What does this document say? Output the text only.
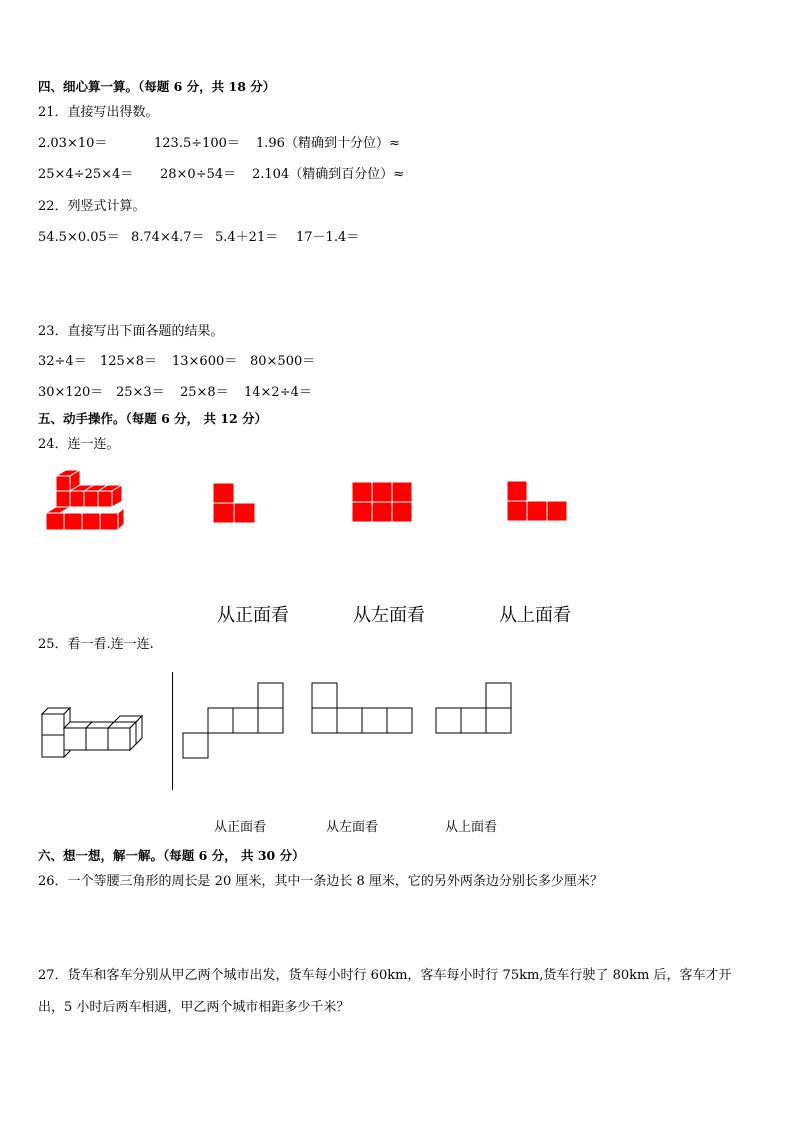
四、细心算一算。（每题 6 分，共 18 分）
21．直接写出得数。
2.03×10＝	123.5÷100＝ 1.96（精确到十分位）≈
25×4÷25×4＝ 28×0÷54＝ 2.104（精确到百分位）≈
22．列竖式计算。
54.5×0.05＝ 8.74×4.7＝ 5.4＋21＝ 17－1.4＝
23．直接写出下面各题的结果。
32÷4＝ 125×8＝ 13×600＝ 80×500＝
30×120＝ 25×3＝ 25×8＝ 14×2÷4＝
五、动手操作。（每题 6 分， 共 12 分）
24．连一连。
从正面看	从左面看	从上面看
25．看一看.连一连.
从正面看	从左面看	从上面看
六、想一想，解一解。（每题 6 分， 共 30 分）
26．一个等腰三角形的周长是 20 厘米，其中一条边长 8 厘米，它的另外两条边分别长多少厘米？
27．货车和客车分别从甲乙两个城市出发，货车每小时行 60km，客车每小时行 75km,货车行驶了 80km 后，客车才开
出，5 小时后两车相遇，甲乙两个城市相距多少千米？
